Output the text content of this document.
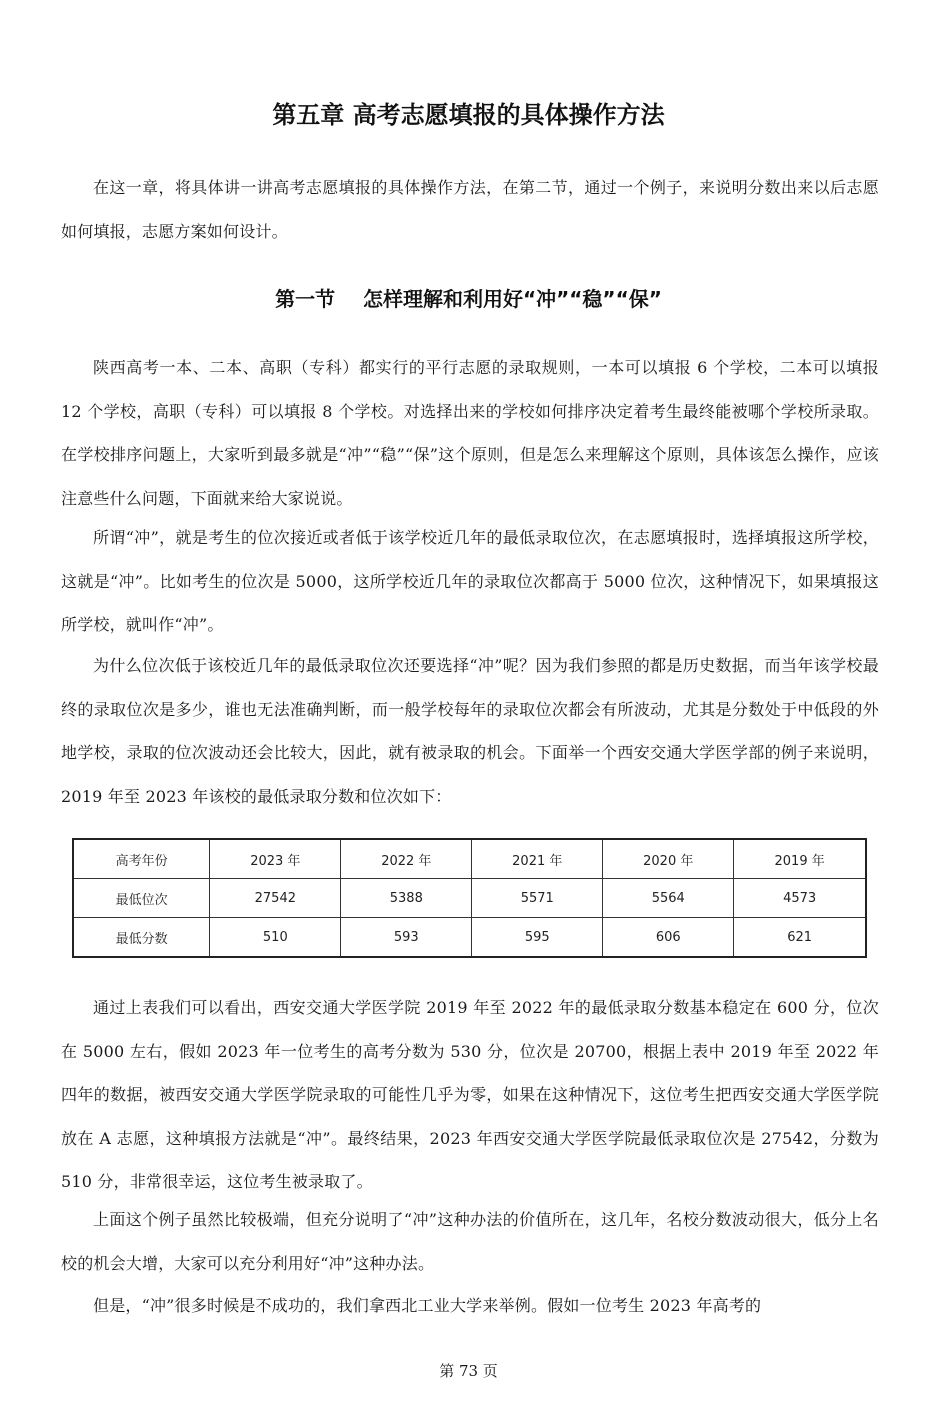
第五章 高考志愿填报的具体操作方法

在这一章，将具体讲一讲高考志愿填报的具体操作方法，在第二节，通过一个例子，来说明分数出来以后志愿如何填报，志愿方案如何设计。

第一节    怎样理解和利用好“冲”“稳”“保”

陕西高考一本、二本、高职（专科）都实行的平行志愿的录取规则，一本可以填报 6 个学校，二本可以填报 12 个学校，高职（专科）可以填报 8 个学校。对选择出来的学校如何排序决定着考生最终能被哪个学校所录取。在学校排序问题上，大家听到最多就是“冲”“稳”“保”这个原则，但是怎么来理解这个原则，具体该怎么操作，应该注意些什么问题，下面就来给大家说说。

所谓“冲”，就是考生的位次接近或者低于该学校近几年的最低录取位次，在志愿填报时，选择填报这所学校，这就是“冲”。比如考生的位次是 5000，这所学校近几年的录取位次都高于 5000 位次，这种情况下，如果填报这所学校，就叫作“冲”。

为什么位次低于该校近几年的最低录取位次还要选择“冲”呢？因为我们参照的都是历史数据，而当年该学校最终的录取位次是多少，谁也无法准确判断，而一般学校每年的录取位次都会有所波动，尤其是分数处于中低段的外地学校，录取的位次波动还会比较大，因此，就有被录取的机会。下面举一个西安交通大学医学部的例子来说明，2019 年至 2023 年该校的最低录取分数和位次如下：

高考年份	2023 年	2022 年	2021 年	2020 年	2019 年
最低位次	27542	5388	5571	5564	4573
最低分数	510	593	595	606	621

通过上表我们可以看出，西安交通大学医学院 2019 年至 2022 年的最低录取分数基本稳定在 600 分，位次在 5000 左右，假如 2023 年一位考生的高考分数为 530 分，位次是 20700，根据上表中 2019 年至 2022 年四年的数据，被西安交通大学医学院录取的可能性几乎为零，如果在这种情况下，这位考生把西安交通大学医学院放在 A 志愿，这种填报方法就是“冲”。最终结果，2023 年西安交通大学医学院最低录取位次是 27542，分数为 510 分，非常很幸运，这位考生被录取了。

上面这个例子虽然比较极端，但充分说明了“冲”这种办法的价值所在，这几年，名校分数波动很大，低分上名校的机会大增，大家可以充分利用好“冲”这种办法。

但是，“冲”很多时候是不成功的，我们拿西北工业大学来举例。假如一位考生 2023 年高考的

第 73 页
